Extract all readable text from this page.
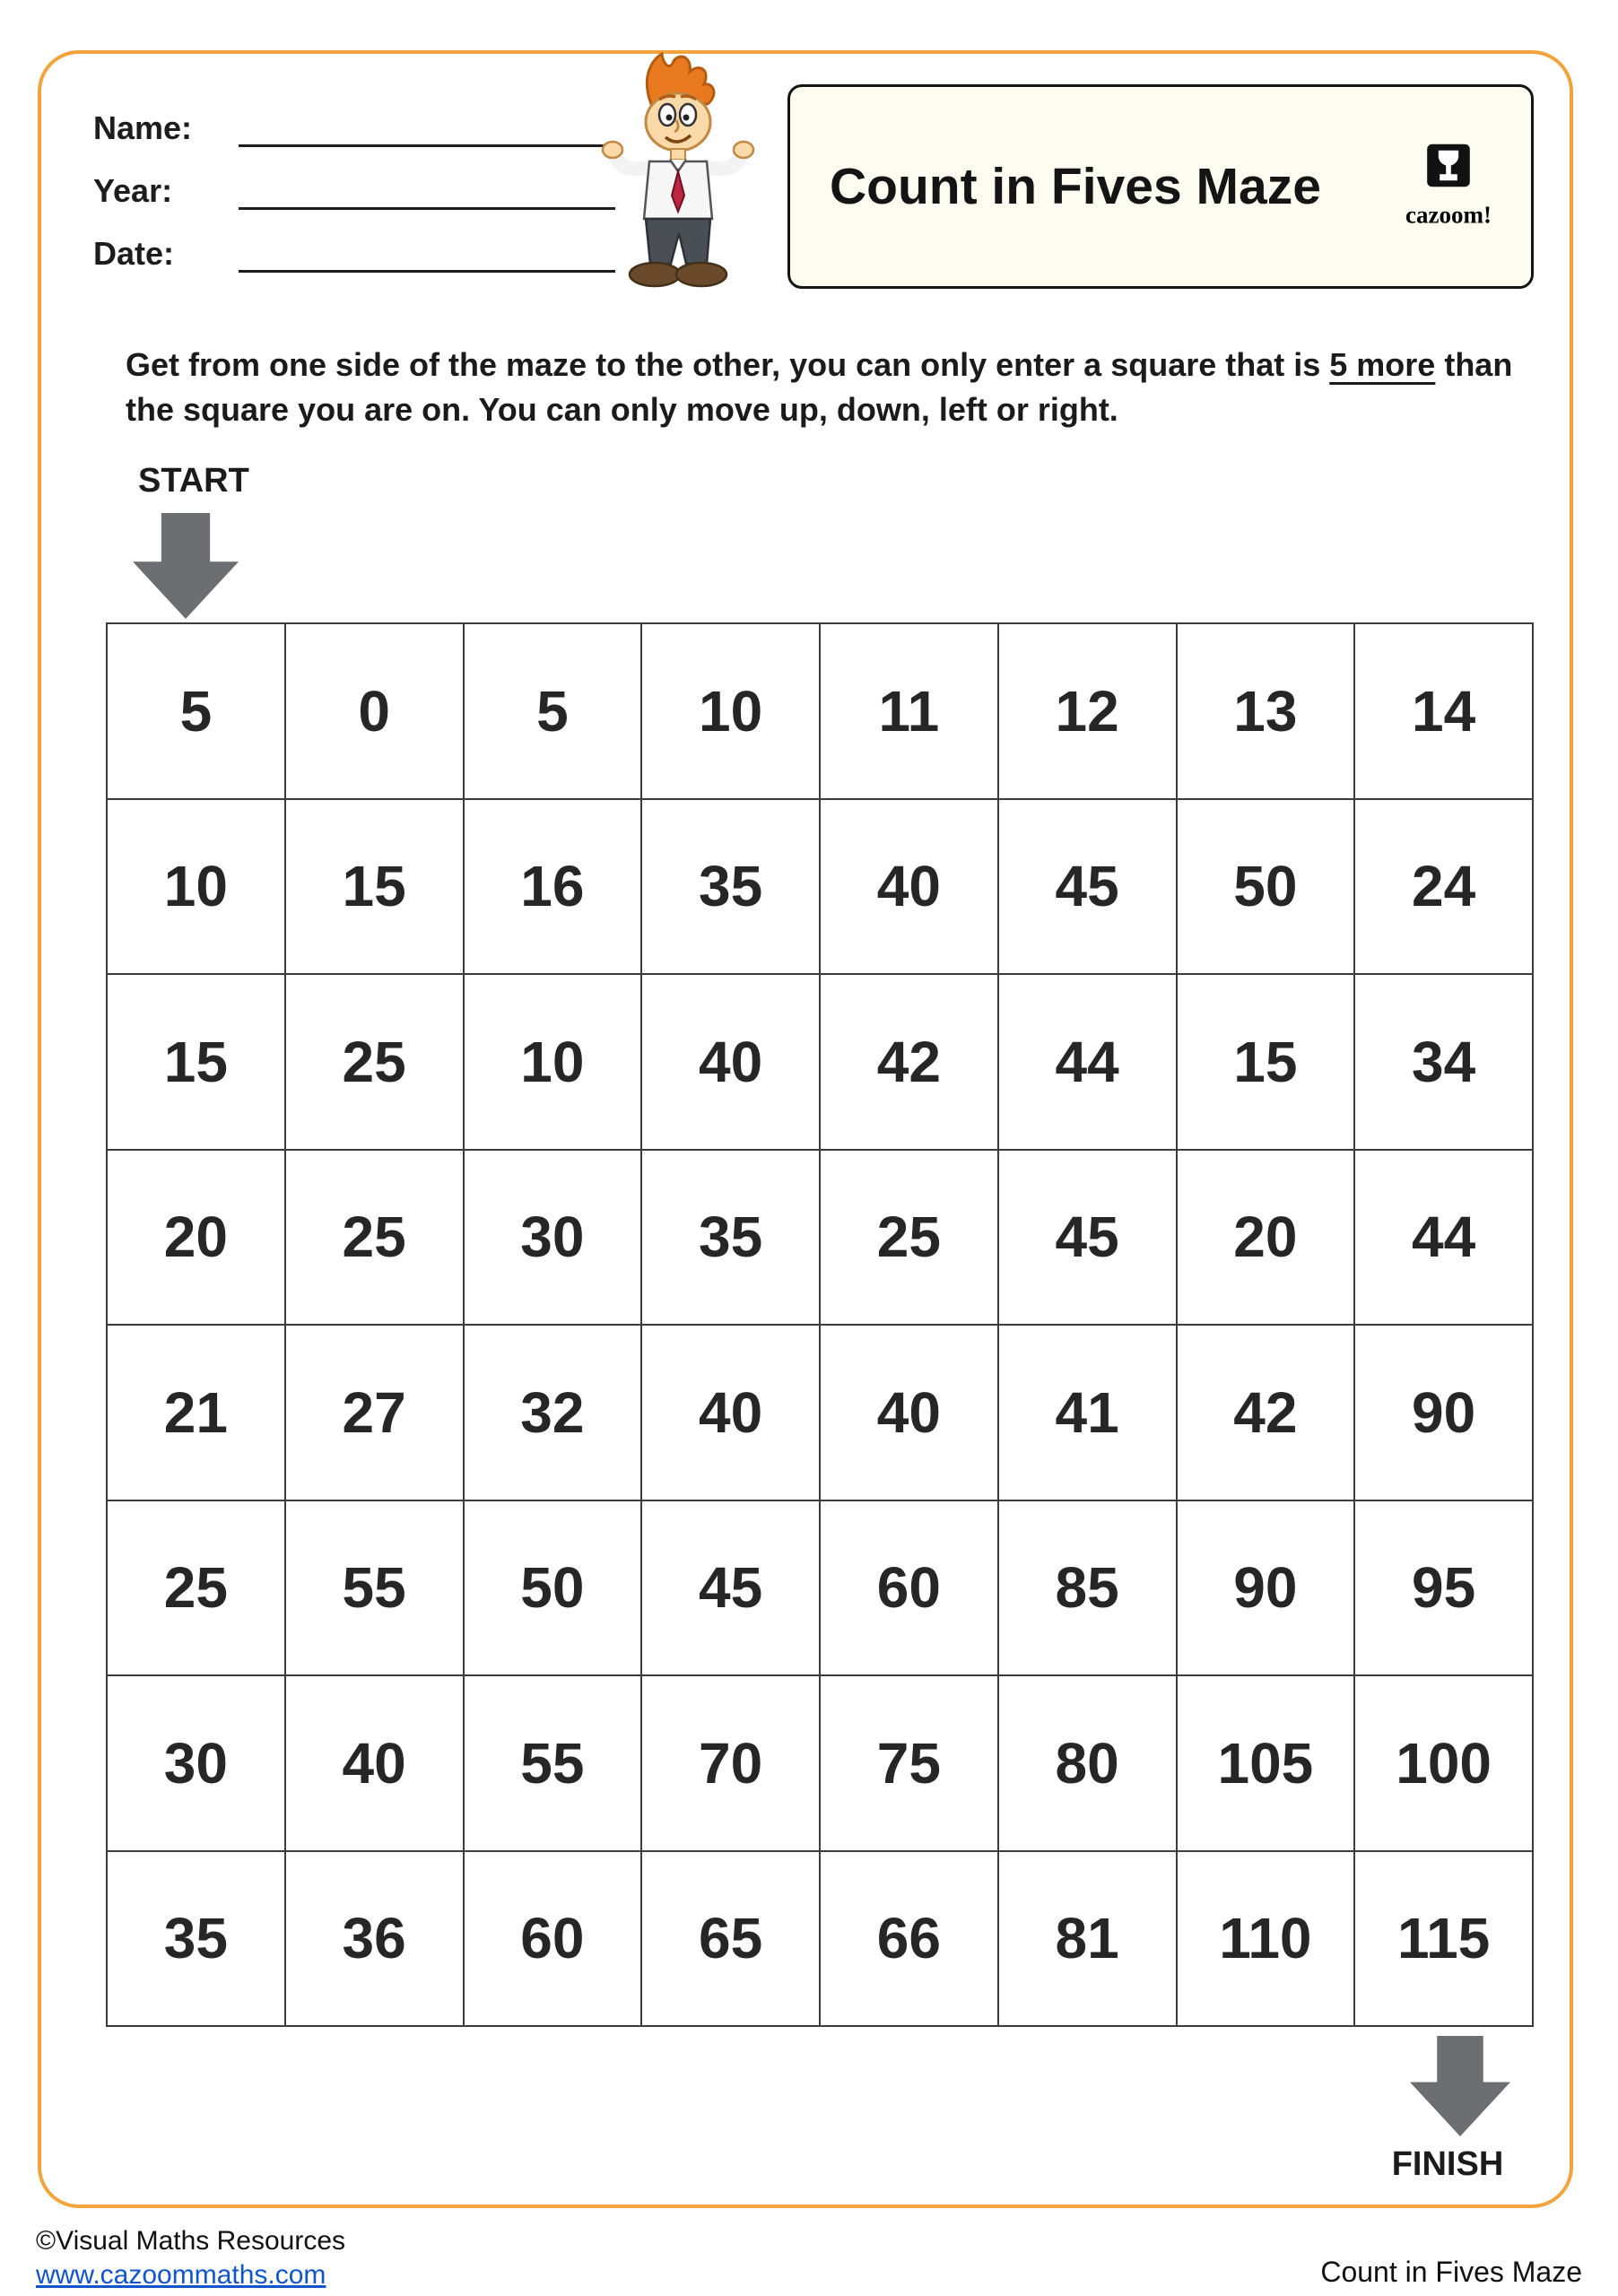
Name:
Year:
Date:
Count in Fives Maze	cazoom!

Get from one side of the maze to the other, you can only enter a square that is 5 more than the square you are on. You can only move up, down, left or right.

START
5	0	5	10	11	12	13	14
10	15	16	35	40	45	50	24
15	25	10	40	42	44	15	34
20	25	30	35	25	45	20	44
21	27	32	40	40	41	42	90
25	55	50	45	60	85	90	95
30	40	55	70	75	80	105	100
35	36	60	65	66	81	110	115
FINISH
©Visual Maths Resources
www.cazoommaths.com	Count in Fives Maze
